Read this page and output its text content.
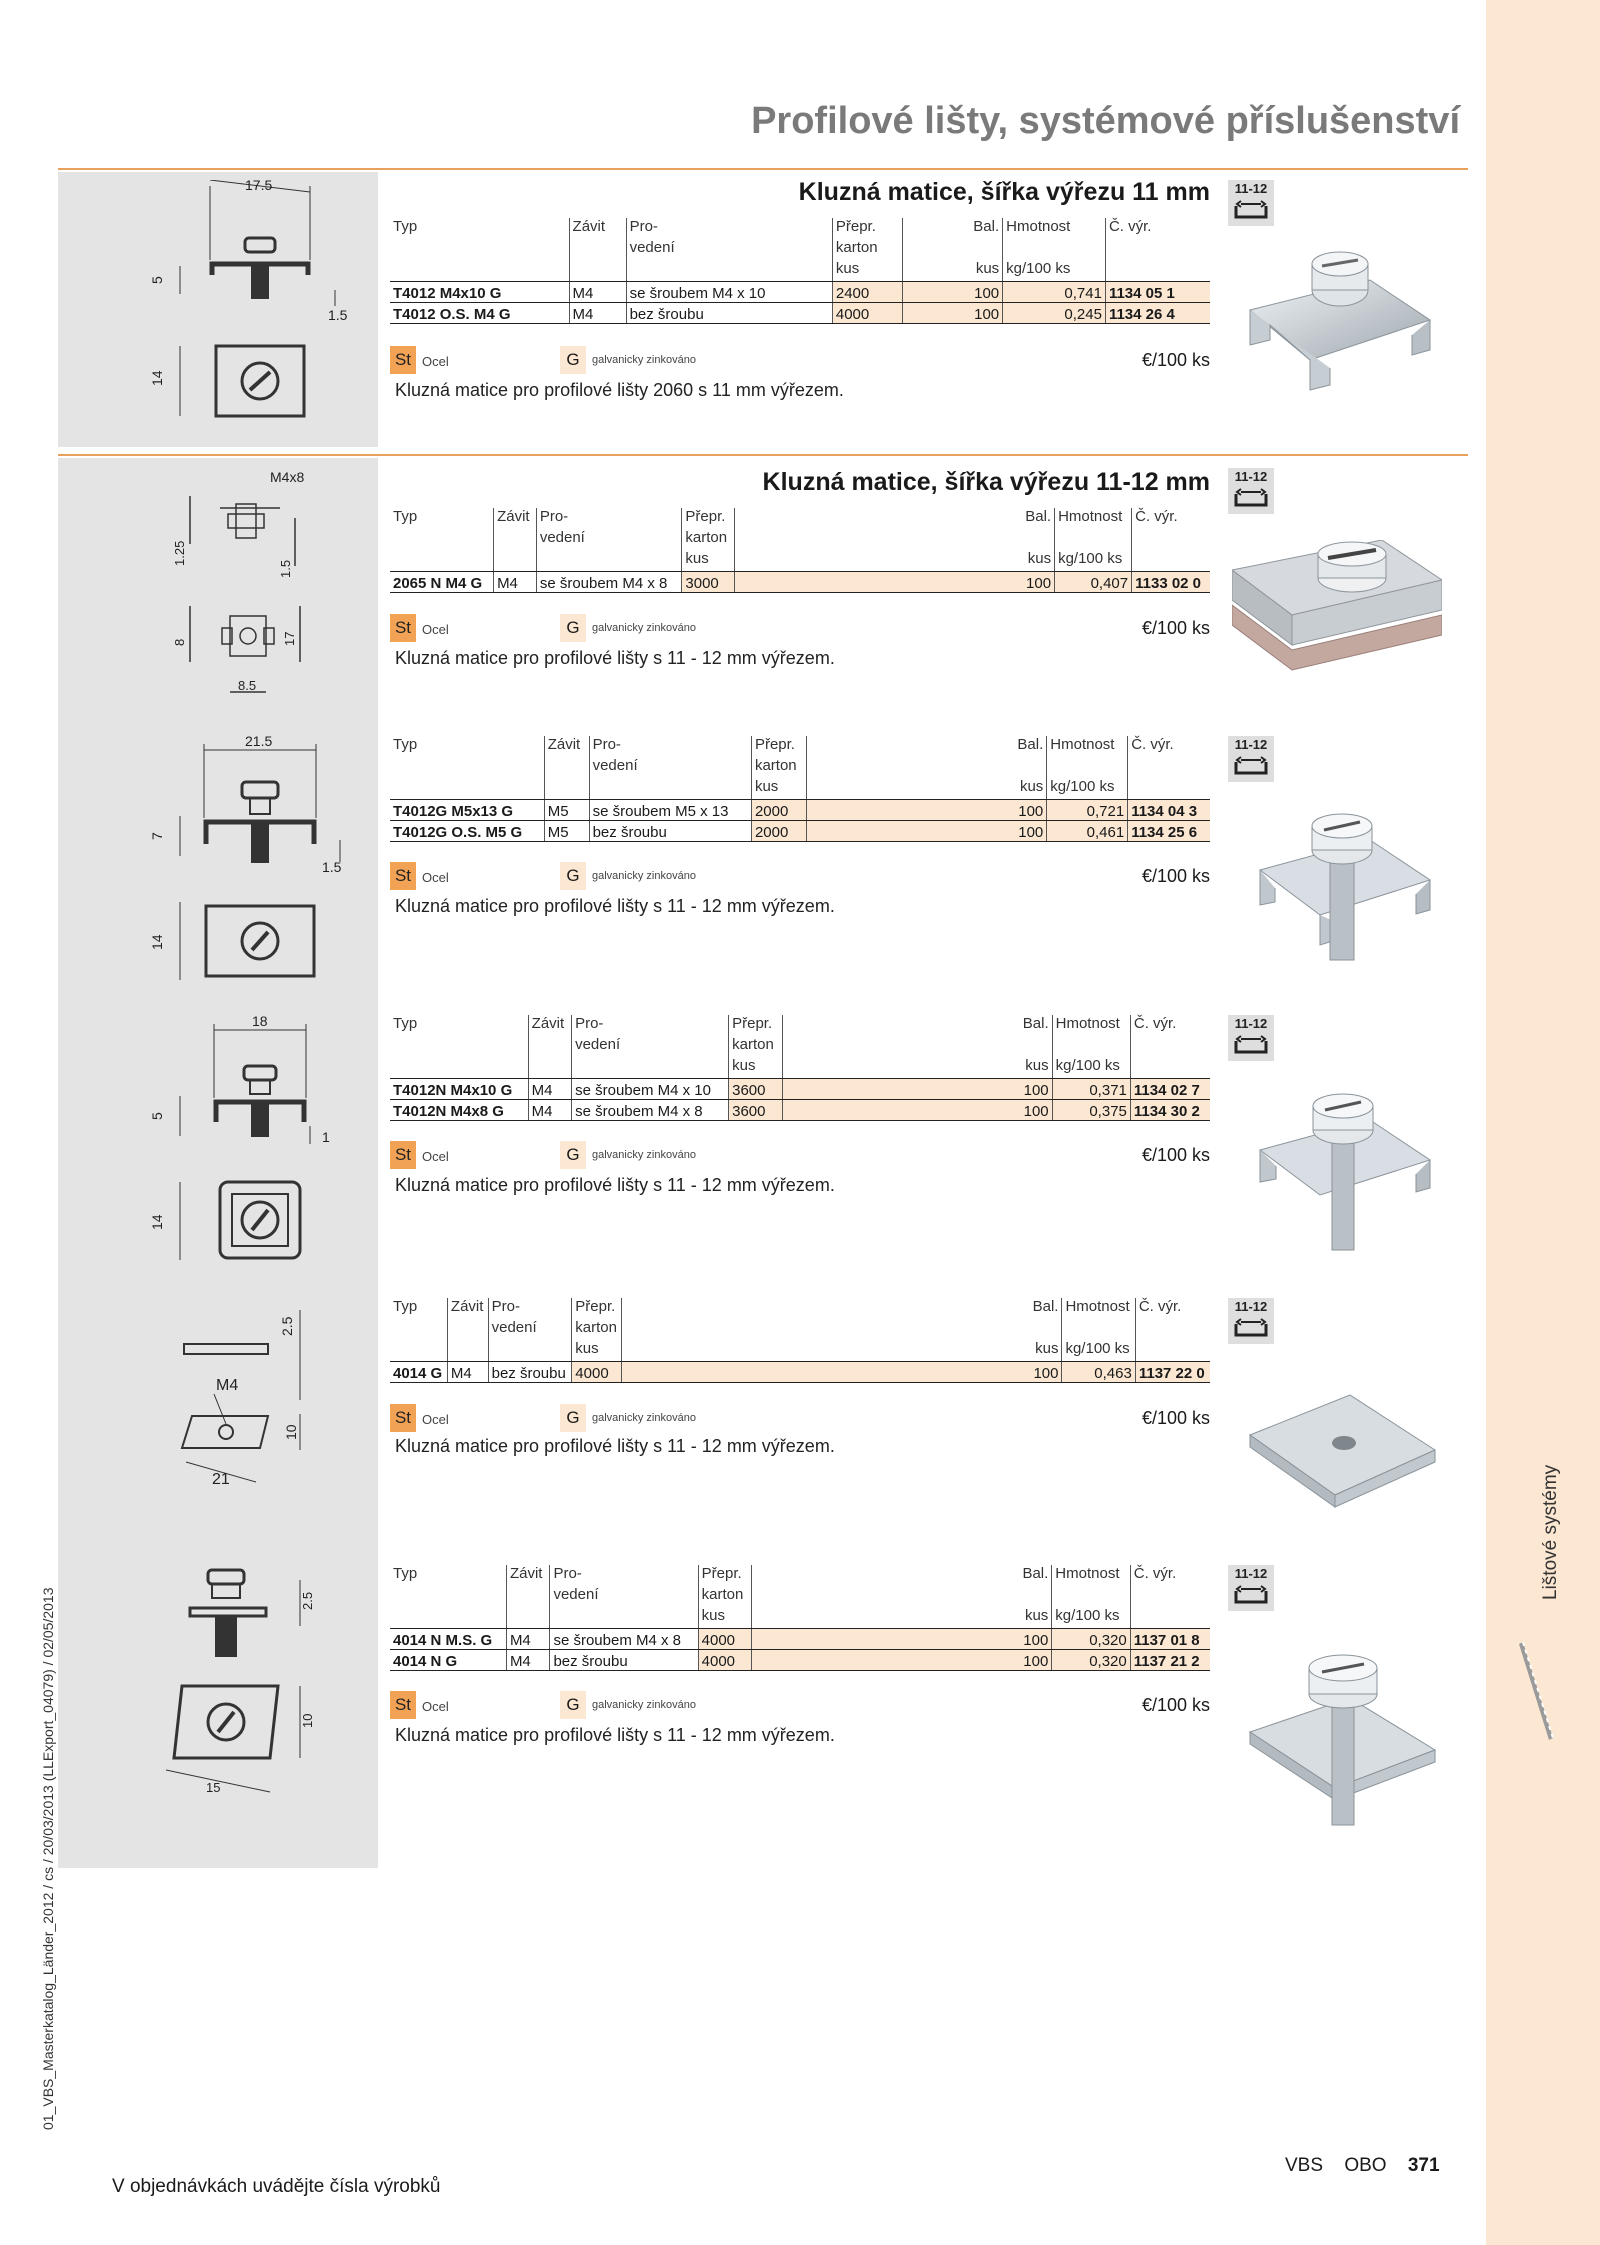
Lištové systémy
Profilové lišty, systémové příslušenství
17.5
5
1.5
14
Kluzná matice, šířka výřezu 11 mm
Typ	Závit	Pro-	Přepr.	Bal.	Hmotnost	Č. výr.
		vedení	karton			
			kus	kus	kg/100 ks	
T4012 M4x10 G	M4	se šroubem M4 x 10	2400	100	0,741	1134 05 1
T4012 O.S. M4 G	M4	bez šroubu	4000	100	0,245	1134 26 4
St Ocel	G	galvanicky zinkováno	€/100 ks
Kluzná matice pro profilové lišty 2060 s 11 mm výřezem.
M4x8
1.25
1.5
8	17
8.5
Kluzná matice, šířka výřezu 11-12 mm
Typ	Závit	Pro-	Přepr.	Bal.	Hmotnost	Č. výr.
		vedení	karton			
			kus	kus	kg/100 ks	
2065 N M4 G	M4	se šroubem M4 x 8	3000	100	0,407	1133 02 0
St Ocel	G	galvanicky zinkováno	€/100 ks
Kluzná matice pro profilové lišty s 11 - 12 mm výřezem.
21.5
7
1.5
14
Typ	Závit	Pro-	Přepr.	Bal.	Hmotnost	Č. výr.
		vedení	karton			
			kus	kus	kg/100 ks	
T4012G M5x13 G	M5	se šroubem M5 x 13	2000	100	0,721	1134 04 3
T4012G O.S. M5 G	M5	bez šroubu	2000	100	0,461	1134 25 6
St Ocel	G	galvanicky zinkováno	€/100 ks
Kluzná matice pro profilové lišty s 11 - 12 mm výřezem.
18
5
1
14
Typ	Závit	Pro-	Přepr.	Bal.	Hmotnost	Č. výr.
		vedení	karton			
			kus	kus	kg/100 ks	
T4012N M4x10 G	M4	se šroubem M4 x 10	3600	100	0,371	1134 02 7
T4012N M4x8 G	M4	se šroubem M4 x 8	3600	100	0,375	1134 30 2
St Ocel	G	galvanicky zinkováno	€/100 ks
Kluzná matice pro profilové lišty s 11 - 12 mm výřezem.
2.5
M4
10
21
Typ	Závit	Pro-	Přepr.	Bal.	Hmotnost	Č. výr.
		vedení	karton			
			kus	kus	kg/100 ks	
4014 G	M4	bez šroubu	4000	100	0,463	1137 22 0
St Ocel	G	galvanicky zinkováno	€/100 ks
Kluzná matice pro profilové lišty s 11 - 12 mm výřezem.
2.5
10
15
Typ	Závit	Pro-	Přepr.	Bal.	Hmotnost	Č. výr.
		vedení	karton			
			kus	kus	kg/100 ks	
4014 N M.S. G	M4	se šroubem M4 x 8	4000	100	0,320	1137 01 8
4014 N G	M4	bez šroubu	4000	100	0,320	1137 21 2
St Ocel	G	galvanicky zinkováno	€/100 ks
Kluzná matice pro profilové lišty s 11 - 12 mm výřezem.
11-12
11-12
11-12
11-12
11-12
11-12
01_VBS_Masterkatalog_Länder_2012 / cs / 20/03/2013 (LLExport_04079) / 02/05/2013
V objednávkách uvádějte čísla výrobků
VBS OBO 371
